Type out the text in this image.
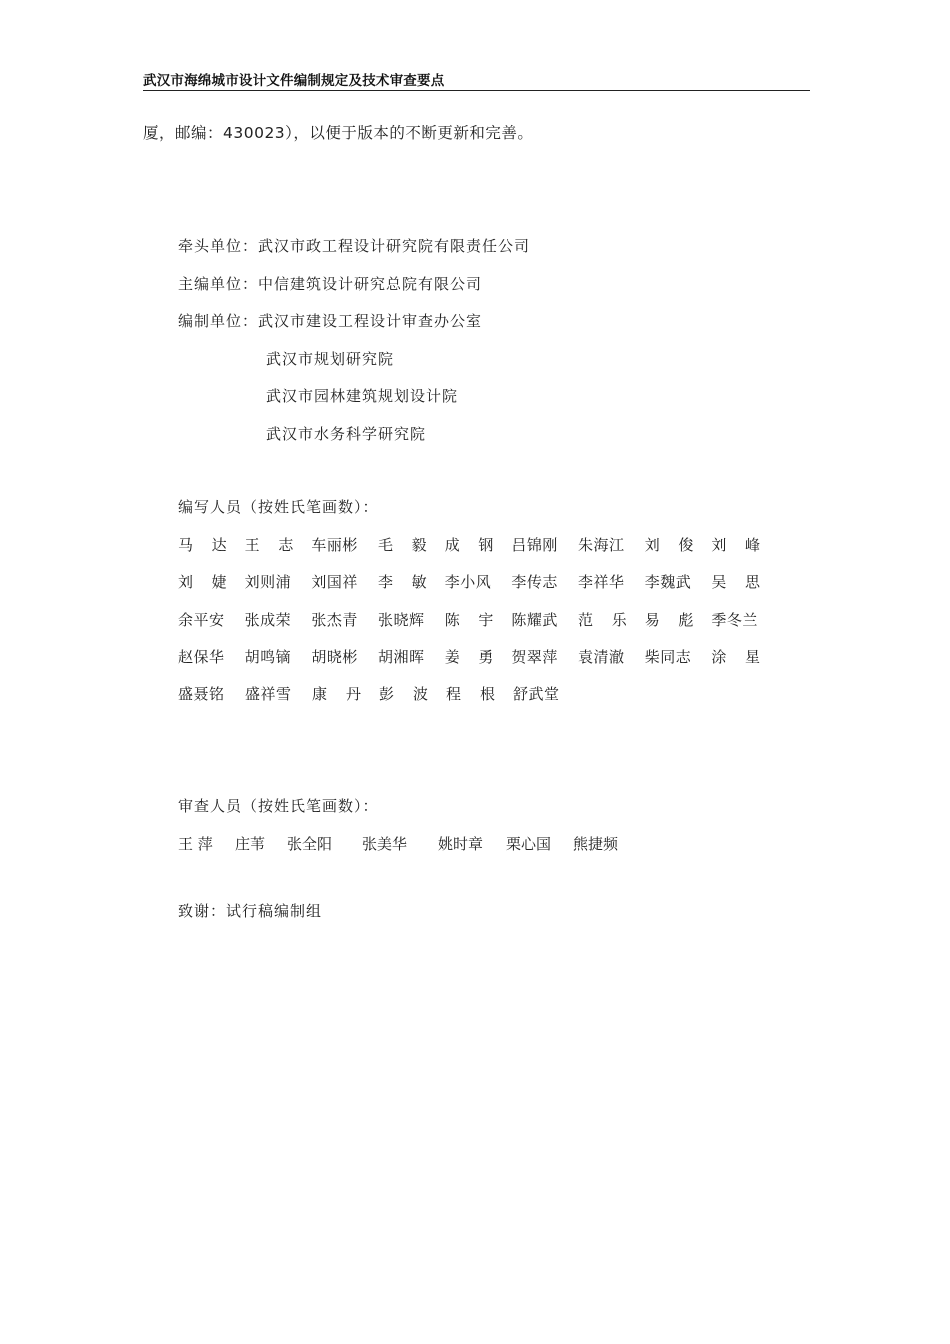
武汉市海绵城市设计文件编制规定及技术审查要点
厦，邮编：430023），以便于版本的不断更新和完善。
牵头单位：武汉市政工程设计研究院有限责任公司
主编单位：中信建筑设计研究总院有限公司
编制单位：武汉市建设工程设计审查办公室
武汉市规划研究院
武汉市园林建筑规划设计院
武汉市水务科学研究院
编写人员（按姓氏笔画数）：
马 达 王 志 车丽彬	毛 毅 成 钢 吕锦刚	朱海江	刘 俊 刘 峰
刘 婕 刘则浦	刘国祥	李 敏 李小风	李传志	李祥华	李魏武	吴 思
余平安	张成荣	张杰青	张晓辉	陈 宇 陈耀武	范 乐 易 彪 季冬兰
赵保华	胡鸣镝	胡晓彬	胡湘晖	姜 勇 贺翠萍	袁清澈	柴同志	涂 星
盛聂铭	盛祥雪	康 丹 彭 波 程 根 舒武堂
审查人员（按姓氏笔画数）：
王 萍 庄苇 张全阳 张美华 姚时章 栗心国 熊捷频
致谢：试行稿编制组
